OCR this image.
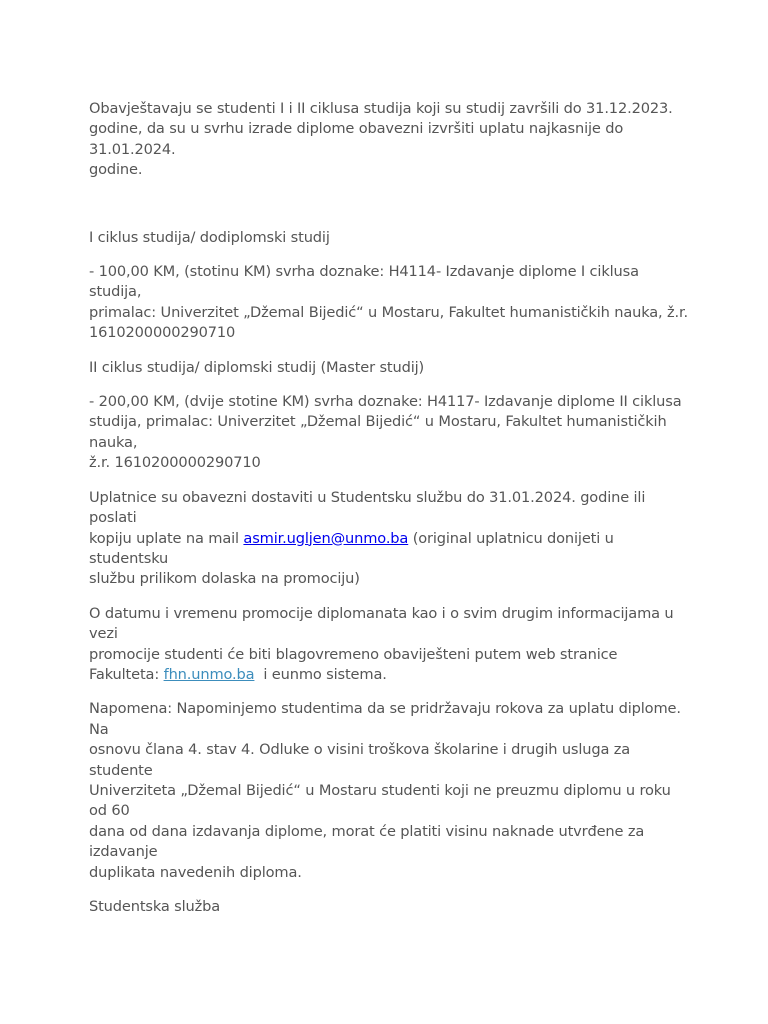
Obavještavaju se studenti I i II ciklusa studija koji su studij završili do 31.12.2023.
godine, da su u svrhu izrade diplome obavezni izvršiti uplatu najkasnije do 31.01.2024.
godine.

I ciklus studija/ dodiplomski studij

- 100,00 KM, (stotinu KM) svrha doznake: H4114- Izdavanje diplome I ciklusa studija,
primalac: Univerzitet „Džemal Bijedić“ u Mostaru, Fakultet humanističkih nauka, ž.r.
1610200000290710

II ciklus studija/ diplomski studij (Master studij)

- 200,00 KM, (dvije stotine KM) svrha doznake: H4117- Izdavanje diplome II ciklusa
studija, primalac: Univerzitet „Džemal Bijedić“ u Mostaru, Fakultet humanističkih nauka,
ž.r. 1610200000290710

Uplatnice su obavezni dostaviti u Studentsku službu do 31.01.2024. godine ili poslati
kopiju uplate na mail asmir.ugljen@unmo.ba (original uplatnicu donijeti u studentsku
službu prilikom dolaska na promociju)

O datumu i vremenu promocije diplomanata kao i o svim drugim informacijama u vezi
promocije studenti će biti blagovremeno obaviješteni putem web stranice
Fakulteta: fhn.unmo.ba  i eunmo sistema.

Napomena: Napominjemo studentima da se pridržavaju rokova za uplatu diplome. Na
osnovu člana 4. stav 4. Odluke o visini troškova školarine i drugih usluga za studente
Univerziteta „Džemal Bijedić“ u Mostaru studenti koji ne preuzmu diplomu u roku od 60
dana od dana izdavanja diplome, morat će platiti visinu naknade utvrđene za izdavanje
duplikata navedenih diploma.

Studentska služba
